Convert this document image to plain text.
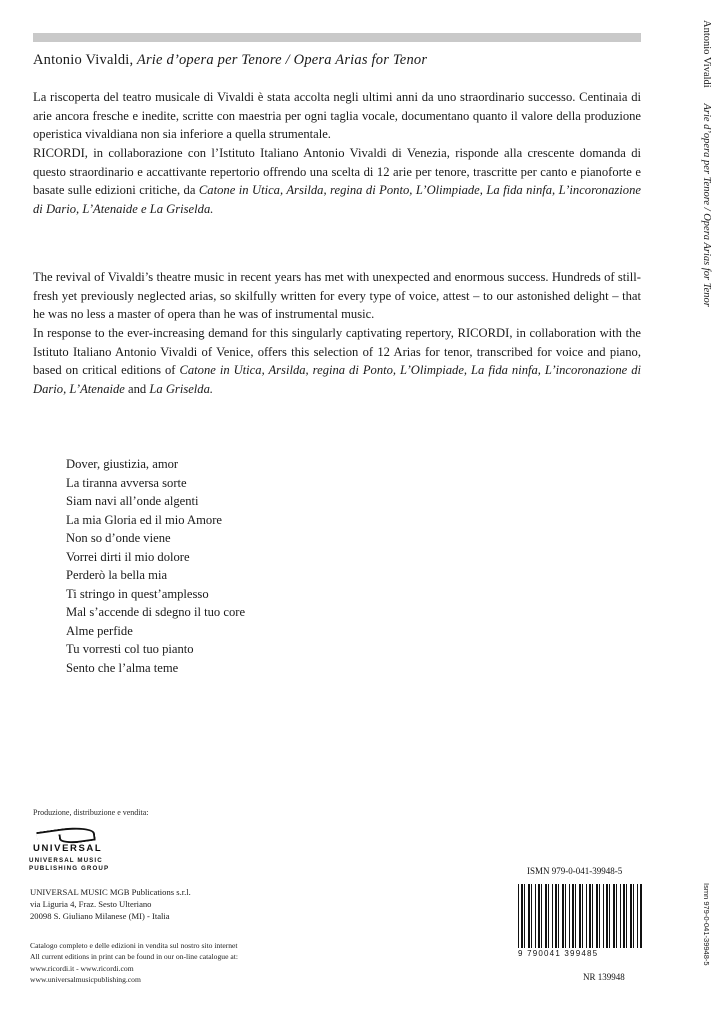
Antonio Vivaldi, Arie d’opera per Tenore / Opera Arias for Tenor

La riscoperta del teatro musicale di Vivaldi è stata accolta negli ultimi anni da uno straordinario successo. Centinaia di arie ancora fresche e inedite, scritte con maestria per ogni taglia vocale, documentano quanto il valore della produzione operistica vivaldiana non sia inferiore a quella strumentale.

RICORDI, in collaborazione con l’Istituto Italiano Antonio Vivaldi di Venezia, risponde alla crescente domanda di questo straordinario e accattivante repertorio offrendo una scelta di 12 arie per tenore, trascritte per canto e pianoforte e basate sulle edizioni critiche, da Catone in Utica, Arsilda, regina di Ponto, L’Olimpiade, La fida ninfa, L’incoronazione di Dario, L’Atenaide e La Griselda.

The revival of Vivaldi’s theatre music in recent years has met with unexpected and enormous success. Hundreds of still-fresh yet previously neglected arias, so skilfully written for every type of voice, attest – to our astonished delight – that he was no less a master of opera than he was of instrumental music.

In response to the ever-increasing demand for this singularly captivating repertory, RICORDI, in collaboration with the Istituto Italiano Antonio Vivaldi of Venice, offers this selection of 12 Arias for tenor, transcribed for voice and piano, based on critical editions of Catone in Utica, Arsilda, regina di Ponto, L’Olimpiade, La fida ninfa, L’incoronazione di Dario, L’Atenaide and La Griselda.

Dover, giustizia, amor
La tiranna avversa sorte
Siam navi all’onde algenti
La mia Gloria ed il mio Amore
Non so d’onde viene
Vorrei dirti il mio dolore
Perderò la bella mia
Ti stringo in quest’amplesso
Mal s’accende di sdegno il tuo core
Alme perfide
Tu vorresti col tuo pianto
Sento che l’alma teme
Produzione, distribuzione e vendita:
UNIVERSAL
UNIVERSAL MUSIC
PUBLISHING GROUP
UNIVERSAL MUSIC MGB Publications s.r.l.
via Liguria 4, Fraz. Sesto Ulteriano
20098 S. Giuliano Milanese (MI) - Italia
Catalogo completo e delle edizioni in vendita sul nostro sito internet
All current editions in print can be found in our on-line catalogue at:
www.ricordi.it - www.ricordi.com
www.universalmusicpublishing.com
ISMN 979-0-041-39948-5
9 790041 399485
NR 139948
Antonio Vivaldi      Arie d’opera per Tenore / Opera Arias for Tenor
Ismn 979-0-041-39948-5
